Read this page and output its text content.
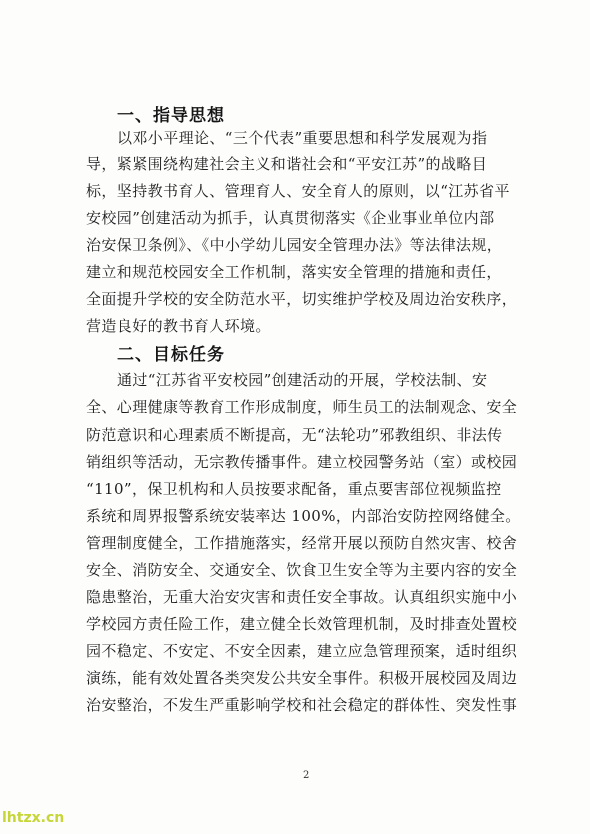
一、指导思想
以邓小平理论、“三个代表”重要思想和科学发展观为指
导，紧紧围绕构建社会主义和谐社会和“平安江苏”的战略目
标，坚持教书育人、管理育人、安全育人的原则，以“江苏省平
安校园”创建活动为抓手，认真贯彻落实《企业事业单位内部
治安保卫条例》、《中小学幼儿园安全管理办法》等法律法规，
建立和规范校园安全工作机制，落实安全管理的措施和责任，
全面提升学校的安全防范水平，切实维护学校及周边治安秩序，
营造良好的教书育人环境。
二、目标任务
通过“江苏省平安校园”创建活动的开展，学校法制、安
全、心理健康等教育工作形成制度，师生员工的法制观念、安全
防范意识和心理素质不断提高，无“法轮功”邪教组织、非法传
销组织等活动，无宗教传播事件。建立校园警务站（室）或校园
“110”，保卫机构和人员按要求配备，重点要害部位视频监控
系统和周界报警系统安装率达 100%，内部治安防控网络健全。
管理制度健全，工作措施落实，经常开展以预防自然灾害、校舍
安全、消防安全、交通安全、饮食卫生安全等为主要内容的安全
隐患整治，无重大治安灾害和责任安全事故。认真组织实施中小
学校园方责任险工作，建立健全长效管理机制，及时排查处置校
园不稳定、不安定、不安全因素，建立应急管理预案，适时组织
演练，能有效处置各类突发公共安全事件。积极开展校园及周边
治安整治，不发生严重影响学校和社会稳定的群体性、突发性事
2
lhtzx.cn
